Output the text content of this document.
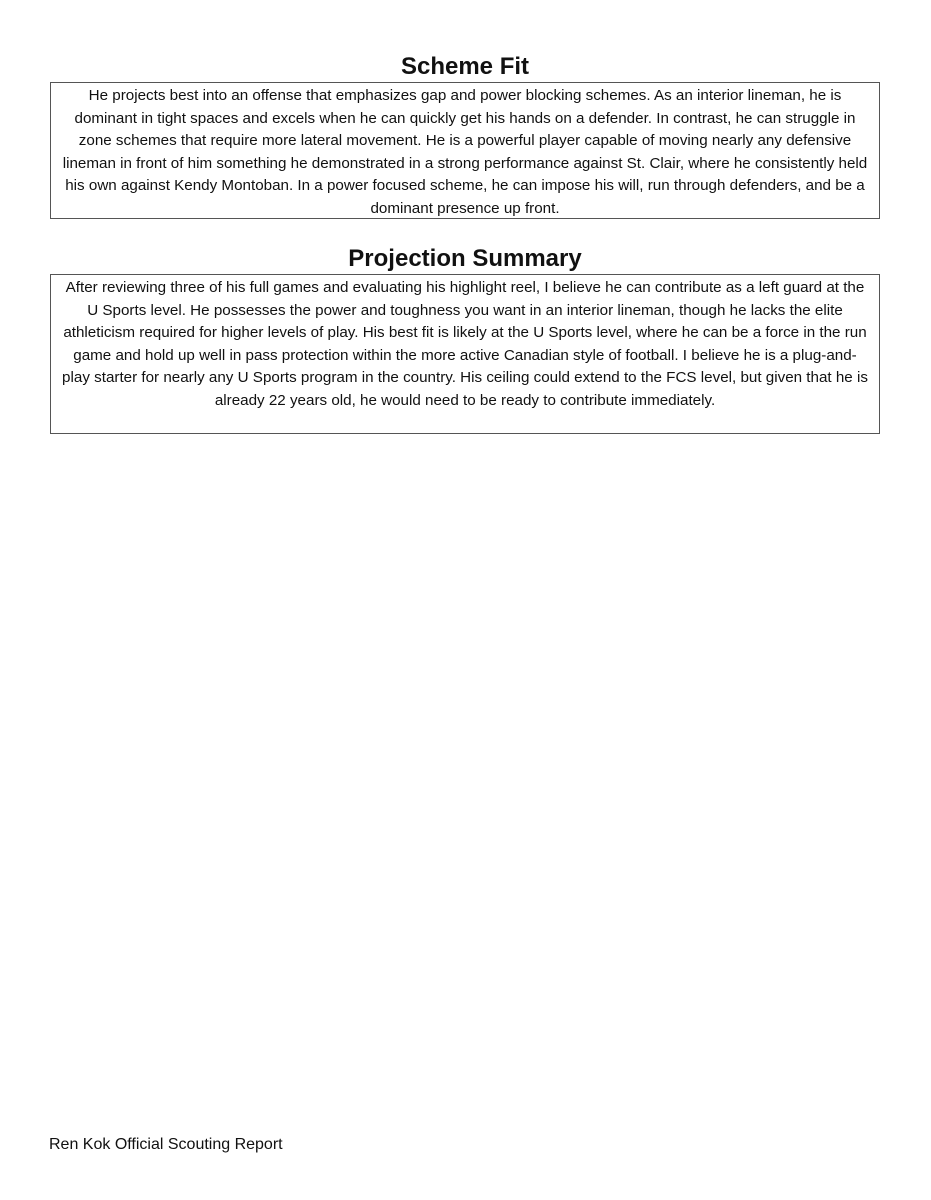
Scheme Fit
He projects best into an offense that emphasizes gap and power blocking schemes. As an interior lineman, he is dominant in tight spaces and excels when he can quickly get his hands on a defender. In contrast, he can struggle in zone schemes that require more lateral movement. He is a powerful player capable of moving nearly any defensive lineman in front of him something he demonstrated in a strong performance against St. Clair, where he consistently held his own against Kendy Montoban. In a power focused scheme, he can impose his will, run through defenders, and be a dominant presence up front.
Projection Summary
After reviewing three of his full games and evaluating his highlight reel, I believe he can contribute as a left guard at the U Sports level. He possesses the power and toughness you want in an interior lineman, though he lacks the elite athleticism required for higher levels of play. His best fit is likely at the U Sports level, where he can be a force in the run game and hold up well in pass protection within the more active Canadian style of football. I believe he is a plug-and-play starter for nearly any U Sports program in the country. His ceiling could extend to the FCS level, but given that he is already 22 years old, he would need to be ready to contribute immediately.
Ren Kok Official Scouting Report
